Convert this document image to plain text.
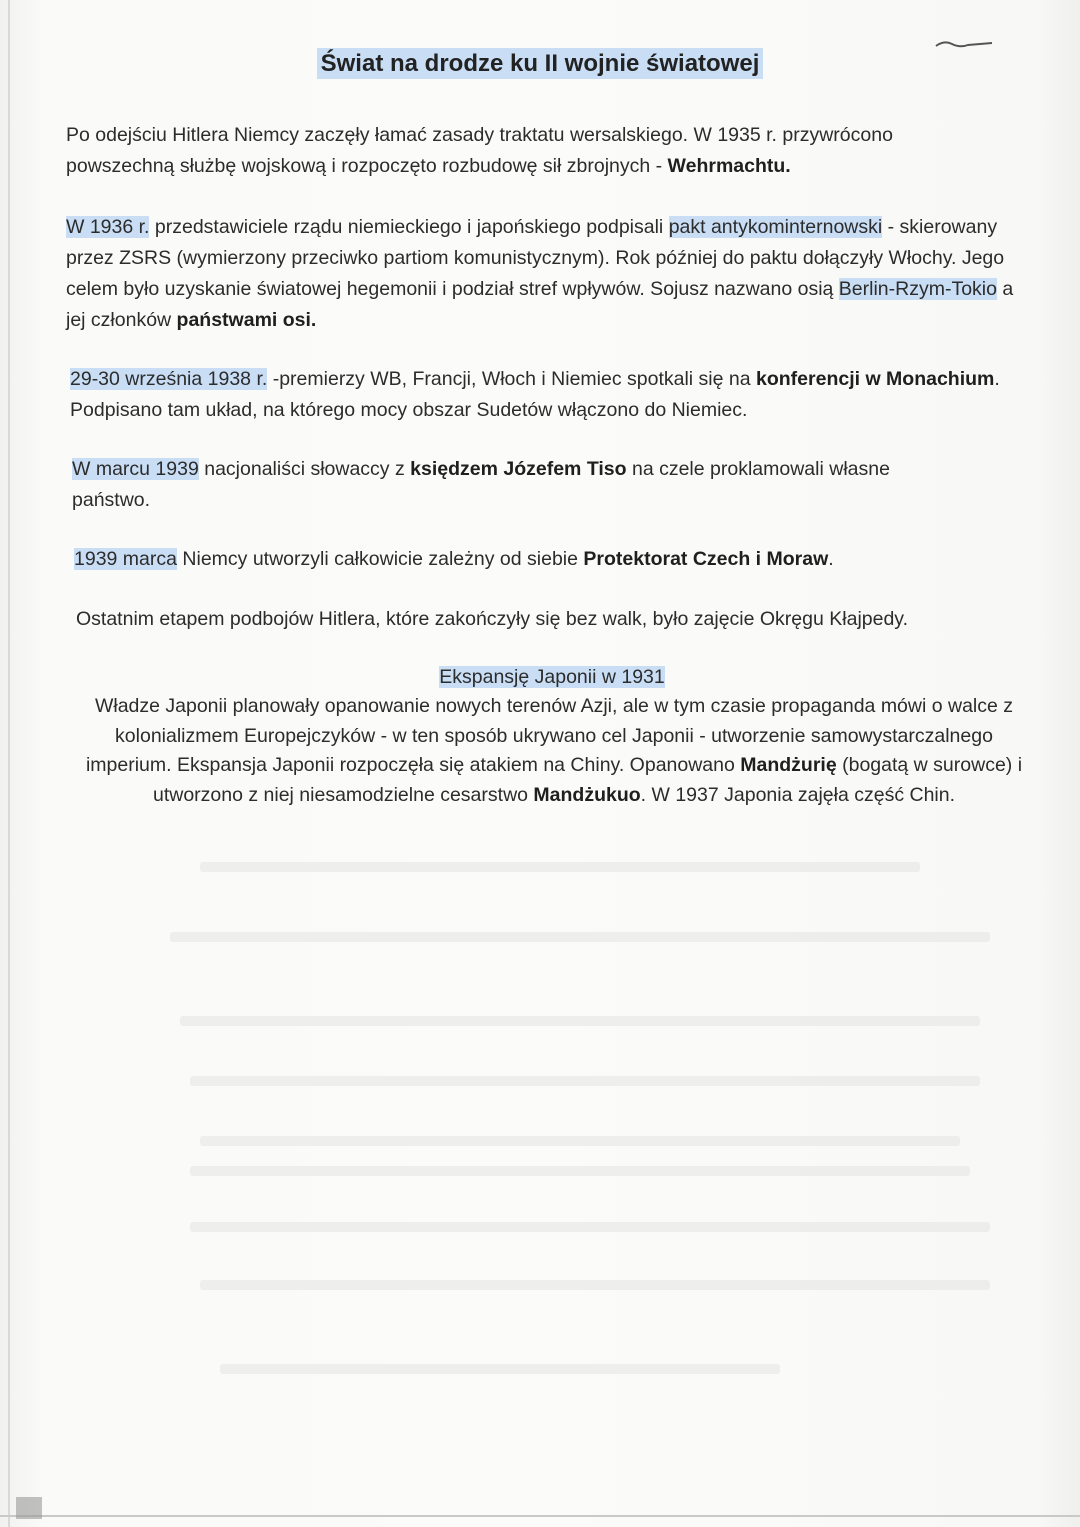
Świat na drodze ku II wojnie światowej
Po odejściu Hitlera Niemcy zaczęły łamać zasady traktatu wersalskiego. W 1935 r. przywrócono powszechną służbę wojskową i rozpoczęto rozbudowę sił zbrojnych - Wehrmachtu.
W 1936 r. przedstawiciele rządu niemieckiego i japońskiego podpisali pakt antykominternowski - skierowany przez ZSRS (wymierzony przeciwko partiom komunistycznym). Rok później do paktu dołączyły Włochy. Jego celem było uzyskanie światowej hegemonii i podział stref wpływów. Sojusz nazwano osią Berlin-Rzym-Tokio a jej członków państwami osi.
29-30 września 1938 r. -premierzy WB, Francji, Włoch i Niemiec spotkali się na konferencji w Monachium. Podpisano tam układ, na którego mocy obszar Sudetów włączono do Niemiec.
W marcu 1939 nacjonaliści słowaccy z księdzem Józefem Tiso na czele proklamowali własne państwo.
1939 marca Niemcy utworzyli całkowicie zależny od siebie Protektorat Czech i Moraw.
Ostatnim etapem podbojów Hitlera, które zakończyły się bez walk, było zajęcie Okręgu Kłajpedy.
Ekspansję Japonii w 1931
Władze Japonii planowały opanowanie nowych terenów Azji, ale w tym czasie propaganda mówi o walce z kolonializmem Europejczyków - w ten sposób ukrywano cel Japonii - utworzenie samowystarczalnego imperium. Ekspansja Japonii rozpoczęła się atakiem na Chiny. Opanowano Mandżurię (bogatą w surowce) i utworzono z niej niesamodzielne cesarstwo Mandżukuo. W 1937 Japonia zajęła część Chin.
